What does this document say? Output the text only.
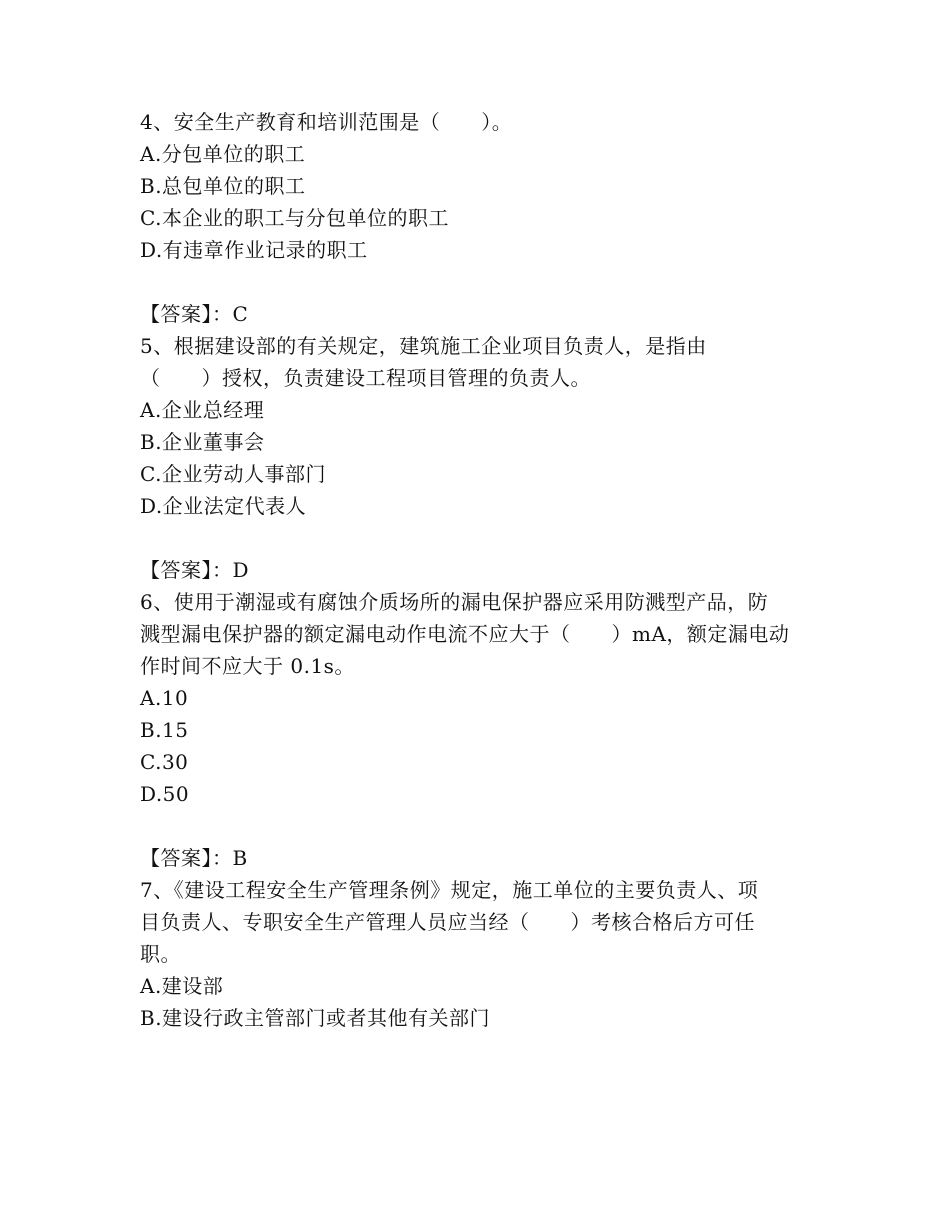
4、安全生产教育和培训范围是（　　）。
A.分包单位的职工
B.总包单位的职工
C.本企业的职工与分包单位的职工
D.有违章作业记录的职工
【答案】：C
5、根据建设部的有关规定，建筑施工企业项目负责人，是指由
（　　）授权，负责建设工程项目管理的负责人。
A.企业总经理
B.企业董事会
C.企业劳动人事部门
D.企业法定代表人
【答案】：D
6、使用于潮湿或有腐蚀介质场所的漏电保护器应采用防溅型产品，防
溅型漏电保护器的额定漏电动作电流不应大于（　　）mA，额定漏电动
作时间不应大于 0.1s。
A.10
B.15
C.30
D.50
【答案】：B
7、《建设工程安全生产管理条例》规定，施工单位的主要负责人、项
目负责人、专职安全生产管理人员应当经（　　）考核合格后方可任
职。
A.建设部
B.建设行政主管部门或者其他有关部门
